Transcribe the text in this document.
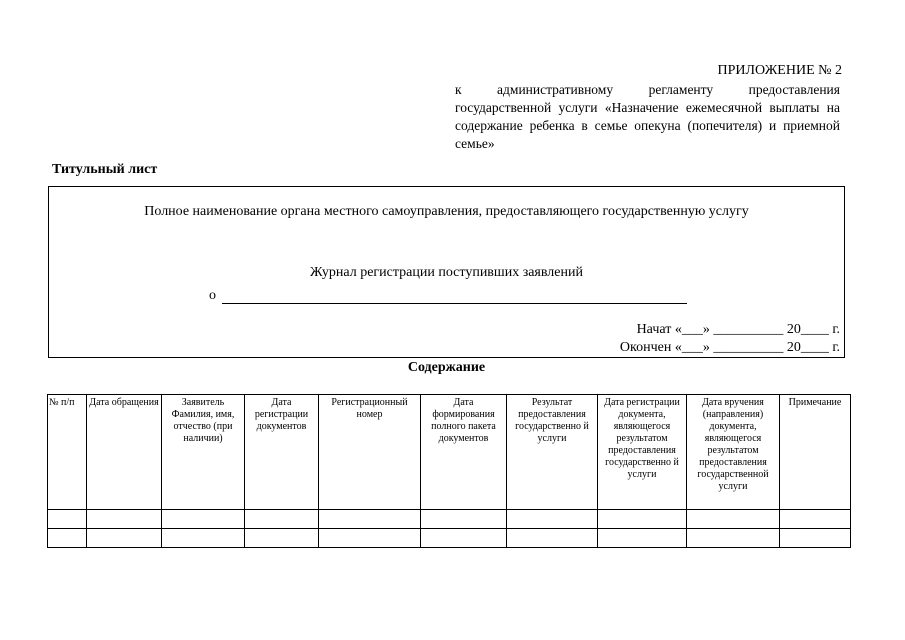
ПРИЛОЖЕНИЕ № 2
к административному регламенту предоставления государственной услуги «Назначение ежемесячной выплаты на содержание ребенка в семье опекуна (попечителя) и приемной семье»
Титульный лист
Полное наименование органа местного самоуправления, предоставляющего государственную услугу
Журнал регистрации поступивших заявлений
о
Начат «___» __________ 20____ г.
Окончен «___» __________ 20____ г.
Содержание
№ п/п	Дата обращения	Заявитель Фамилия, имя, отчество (при наличии)	Дата регистрации документов	Регистрационный номер	Дата формирования полного пакета документов	Результат предоставления государственно й услуги	Дата регистрации документа, являющегося результатом предоставления государственно й услуги	Дата вручения (направления) документа, являющегося результатом предоставления государственной услуги	Примечание
